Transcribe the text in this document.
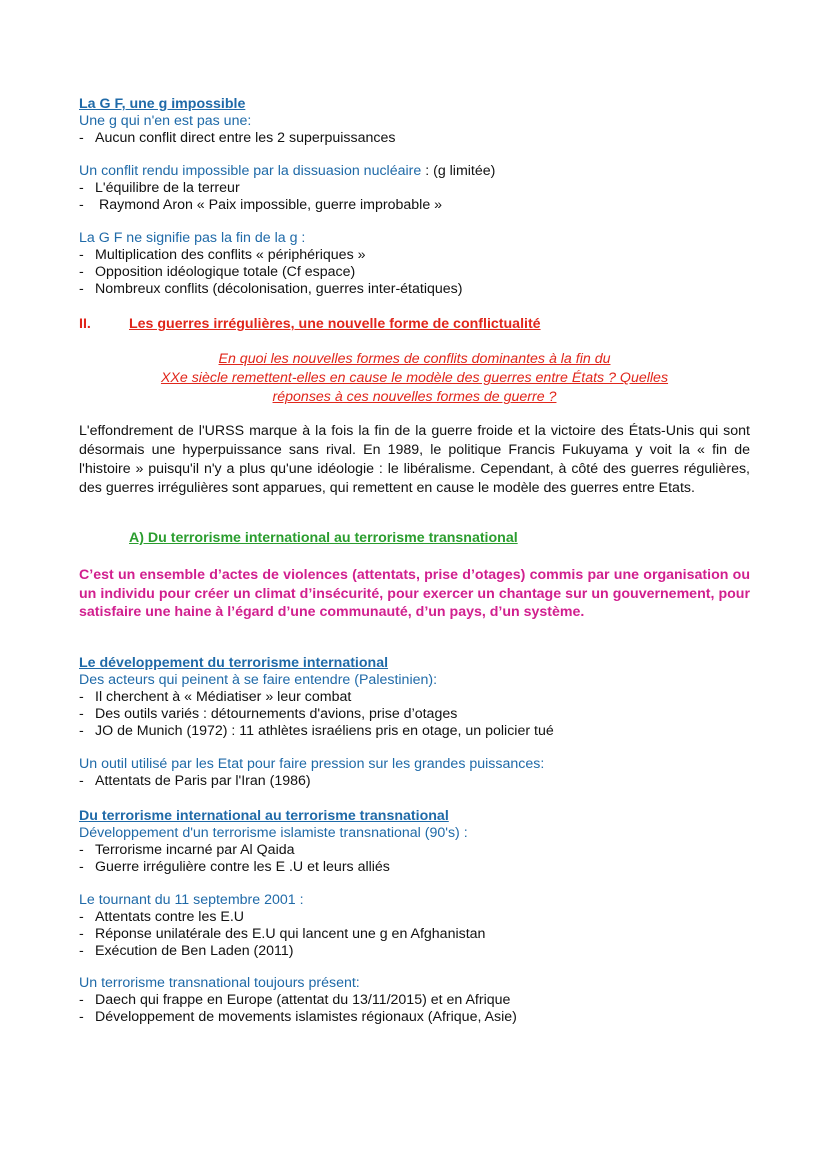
La G F, une g impossible
Une g qui n'en est pas une:
- Aucun conflit direct entre les 2 superpuissances
Un conflit rendu impossible par la dissuasion nucléaire : (g limitée)
- L'équilibre de la terreur
-	Raymond Aron « Paix impossible, guerre improbable »
La G F ne signifie pas la fin de la g :
- Multiplication des conflits « périphériques »
- Opposition idéologique totale (Cf espace)
- Nombreux conflits (décolonisation, guerres inter-étatiques)
II.	Les guerres irrégulières, une nouvelle forme de conflictualité
En quoi les nouvelles formes de conflits dominantes à la fin du
XXe siècle remettent-elles en cause le modèle des guerres entre États ? Quelles
réponses à ces nouvelles formes de guerre ?
L'effondrement de l'URSS marque à la fois la fin de la guerre froide et la victoire des États-Unis qui sont désormais une hyperpuissance sans rival. En 1989, le politique Francis Fukuyama y voit la « fin de l'histoire » puisqu'il n'y a plus qu'une idéologie : le libéralisme. Cependant, à côté des guerres régulières, des guerres irrégulières sont apparues, qui remettent en cause le modèle des guerres entre Etats.
A) Du terrorisme international au terrorisme transnational
C’est un ensemble d’actes de violences (attentats, prise d’otages) commis par une organisation ou un individu pour créer un climat d’insécurité, pour exercer un chantage sur un gouvernement, pour satisfaire une haine à l’égard d’une communauté, d’un pays, d’un système.
Le développement du terrorisme international
Des acteurs qui peinent à se faire entendre (Palestinien):
- Il cherchent à « Médiatiser » leur combat
- Des outils variés : détournements d'avions, prise d’otages
- JO de Munich (1972) : 11 athlètes israéliens pris en otage, un policier tué
Un outil utilisé par les Etat pour faire pression sur les grandes puissances:
- Attentats de Paris par l'Iran (1986)
Du terrorisme international au terrorisme transnational
Développement d'un terrorisme islamiste transnational (90's) :
- Terrorisme incarné par Al Qaida
- Guerre irrégulière contre les E .U et leurs alliés
Le tournant du 11 septembre 2001 :
- Attentats contre les E.U
- Réponse unilatérale des E.U qui lancent une g en Afghanistan
- Exécution de Ben Laden (2011)
Un terrorisme transnational toujours présent:
- Daech qui frappe en Europe (attentat du 13/11/2015) et en Afrique
- Développement de movements islamistes régionaux (Afrique, Asie)
